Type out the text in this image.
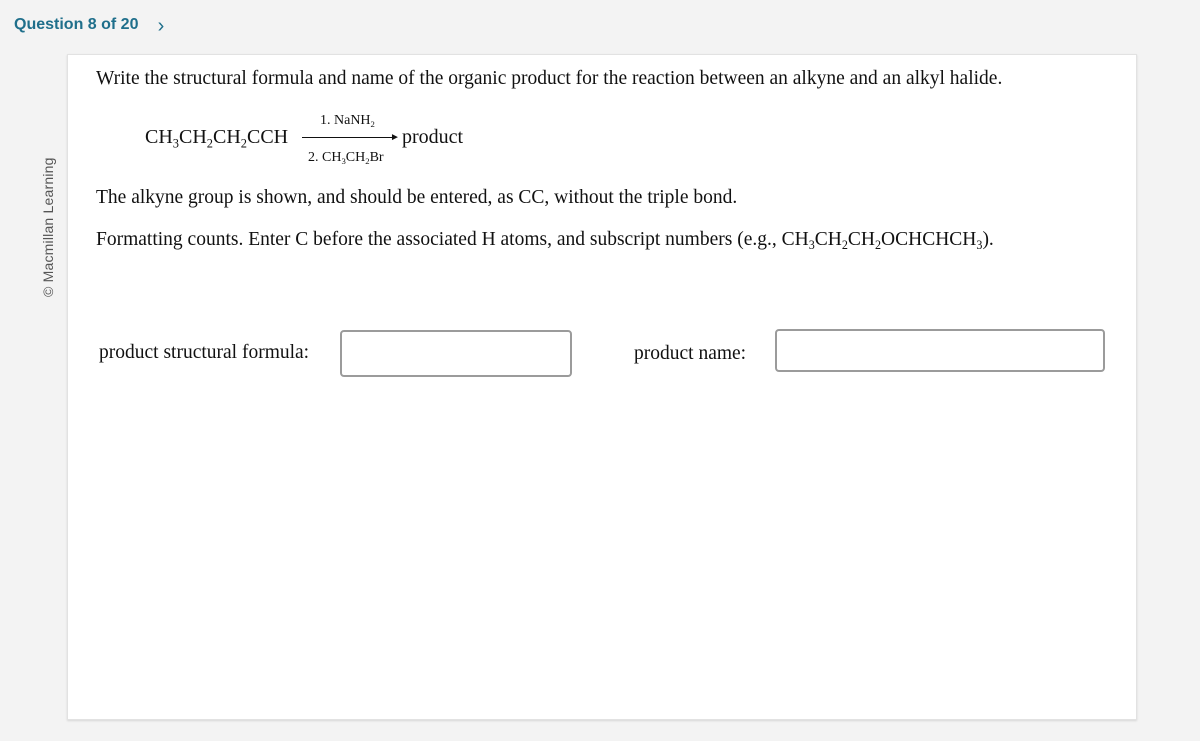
Question 8 of 20 ›
© Macmillan Learning
Write the structural formula and name of the organic product for the reaction between an alkyne and an alkyl halide.
$CH_3CH_2CH_2CCH$
1. NaNH$_2$
►
2. $CH_3CH_2Br$
product
The alkyne group is shown, and should be entered, as CC, without the triple bond.
Formatting counts. Enter C before the associated H atoms, and subscript numbers (e.g., $CH_3CH_2CH_2OCHCHCH_3$).
product structural formula:	product name:
